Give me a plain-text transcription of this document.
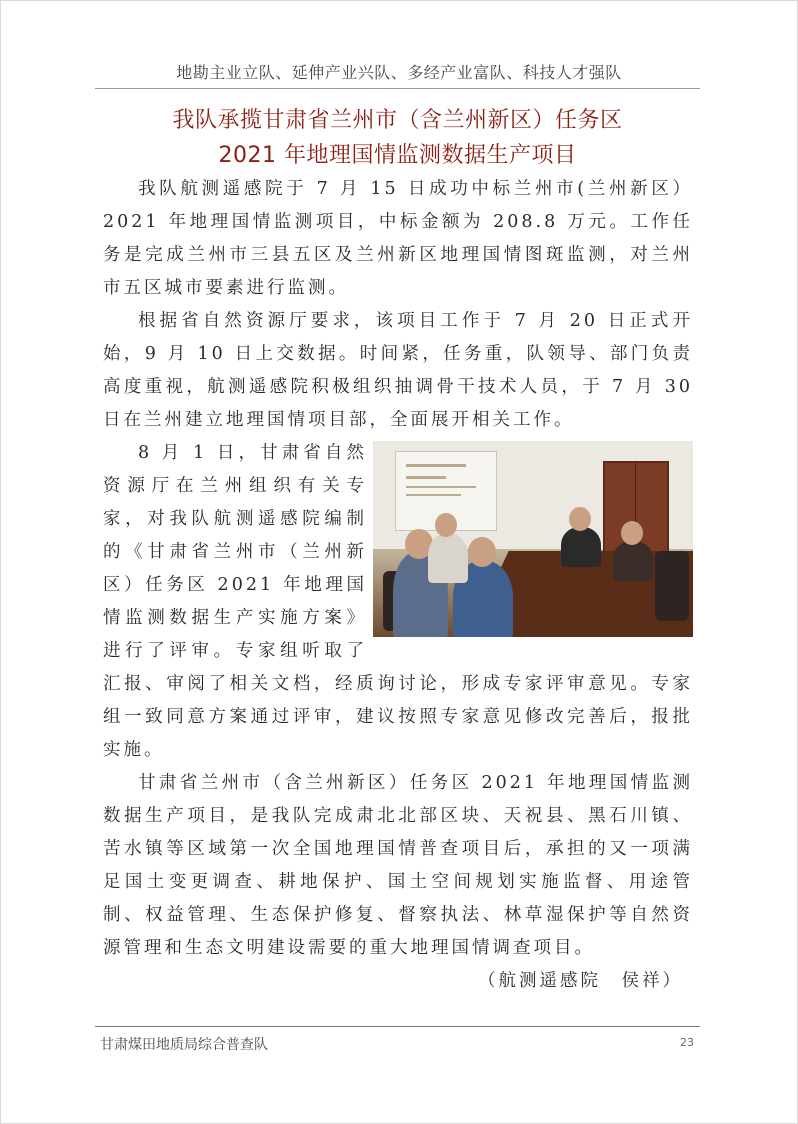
地勘主业立队、延伸产业兴队、多经产业富队、科技人才强队
我队承揽甘肃省兰州市（含兰州新区）任务区
2021 年地理国情监测数据生产项目

我队航测遥感院于 7 月 15 日成功中标兰州市(兰州新区）2021 年地理国情监测项目，中标金额为 208.8 万元。工作任务是完成兰州市三县五区及兰州新区地理国情图斑监测，对兰州市五区城市要素进行监测。

根据省自然资源厅要求，该项目工作于 7 月 20 日正式开始，9 月 10 日上交数据。时间紧，任务重，队领导、部门负责高度重视，航测遥感院积极组织抽调骨干技术人员，于 7 月 30 日在兰州建立地理国情项目部，全面展开相关工作。

8 月 1 日，甘肃省自然资源厅在兰州组织有关专家，对我队航测遥感院编制的《甘肃省兰州市（兰州新区）任务区 2021 年地理国情监测数据生产实施方案》进行了评审。专家组听取了汇报、审阅了相关文档，经质询讨论，形成专家评审意见。专家组一致同意方案通过评审，建议按照专家意见修改完善后，报批实施。

甘肃省兰州市（含兰州新区）任务区 2021 年地理国情监测数据生产项目，是我队完成肃北北部区块、天祝县、黑石川镇、苦水镇等区域第一次全国地理国情普查项目后，承担的又一项满足国土变更调查、耕地保护、国土空间规划实施监督、用途管制、权益管理、生态保护修复、督察执法、林草湿保护等自然资源管理和生态文明建设需要的重大地理国情调查项目。

（航测遥感院　侯祥）
甘肃煤田地质局综合普查队	23
